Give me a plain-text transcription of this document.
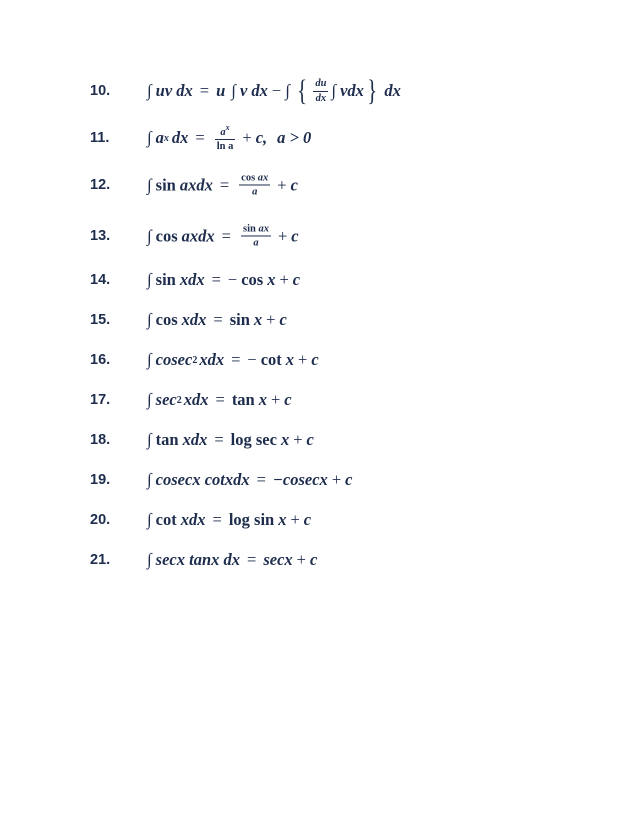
10. ∫ uv dx = u ∫ v dx − ∫ { $\frac{du}{dx}$ ∫ vdx } dx
11. ∫ a x dx = $\frac{a^x}{\text{ln a}} + c$, a > 0
12. ∫ sin axdx = $\frac{\text{cos ax}}{a} + c$
13. ∫ cos axdx = $\frac{\text{sin ax}}{a} + c$
14. ∫ sin xdx = − cos x + c
15. ∫ cos xdx = sin x + c
16. ∫ cosec 2 xdx = − cot x + c
17. ∫ sec 2 xdx = tan x + c
18. ∫ tan xdx = log sec x + c
19. ∫ cosecx cotxdx = −cosecx + c
20. ∫ cot xdx = log sin x + c
21. ∫ secx tanx dx = secx + c
